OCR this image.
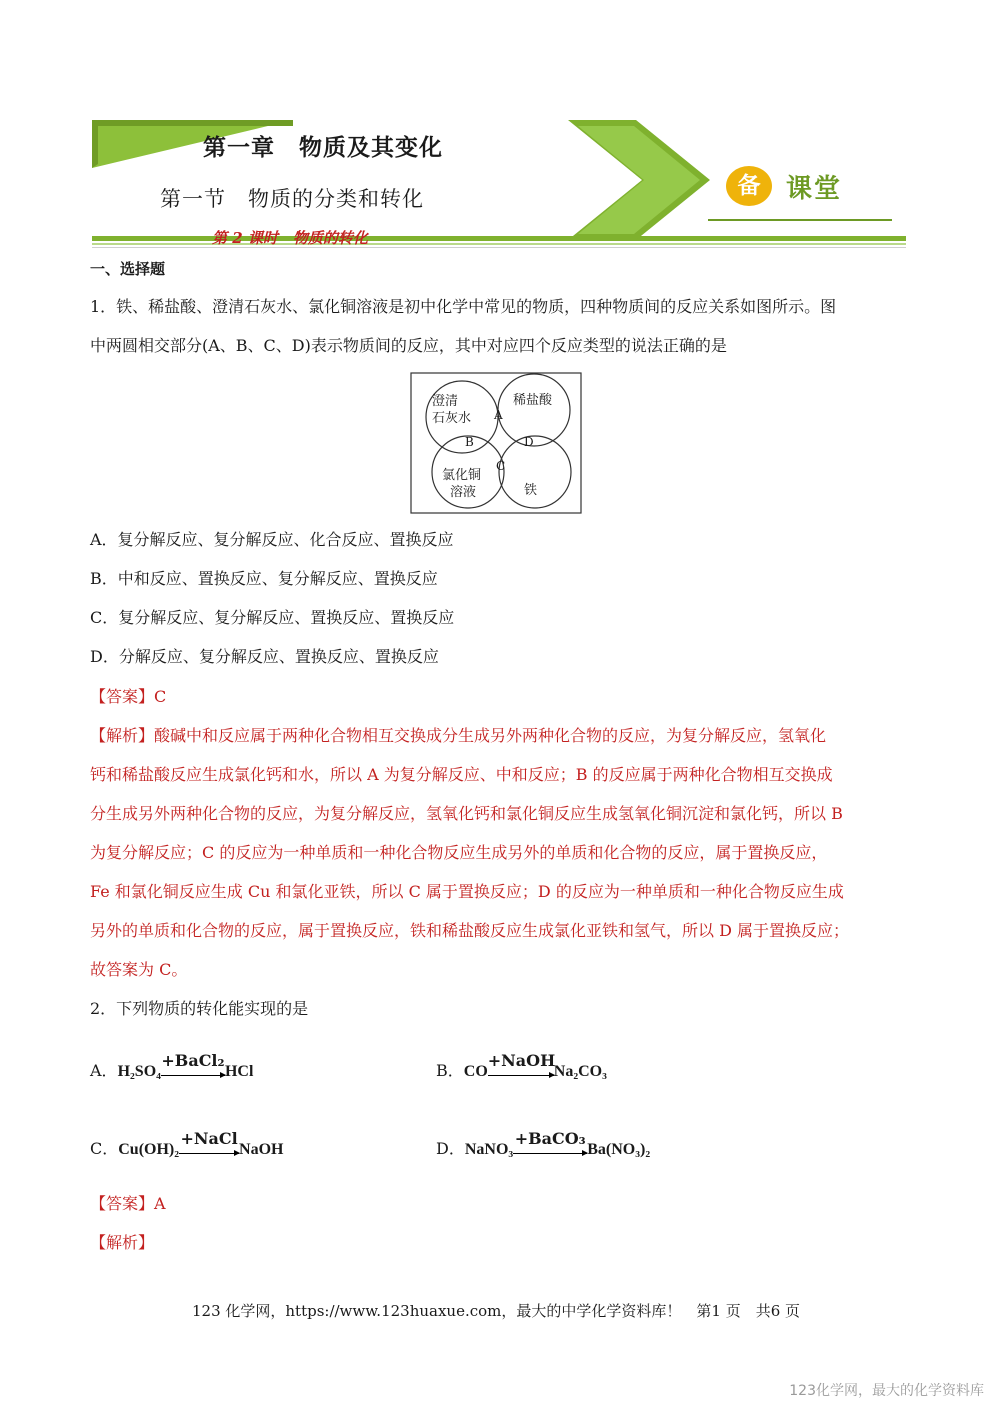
第一章　物质及其变化
第一节　物质的分类和转化
第 2 课时　物质的转化
备 课堂
一、选择题
1．铁、稀盐酸、澄清石灰水、氯化铜溶液是初中化学中常见的物质，四种物质间的反应关系如图所示。图
中两圆相交部分(A、B、C、D)表示物质间的反应，其中对应四个反应类型的说法正确的是
澄清
石灰水
稀盐酸
氯化铜
溶液	铁
A
B
C
D
A．复分解反应、复分解反应、化合反应、置换反应
B．中和反应、置换反应、复分解反应、置换反应
C．复分解反应、复分解反应、置换反应、置换反应
D．分解反应、复分解反应、置换反应、置换反应
【答案】C
【解析】酸碱中和反应属于两种化合物相互交换成分生成另外两种化合物的反应，为复分解反应，氢氧化
钙和稀盐酸反应生成氯化钙和水，所以 A 为复分解反应、中和反应；B 的反应属于两种化合物相互交换成
分生成另外两种化合物的反应，为复分解反应，氢氧化钙和氯化铜反应生成氢氧化铜沉淀和氯化钙，所以 B
为复分解反应；C 的反应为一种单质和一种化合物反应生成另外的单质和化合物的反应，属于置换反应，
Fe 和氯化铜反应生成 Cu 和氯化亚铁，所以 C 属于置换反应；D 的反应为一种单质和一种化合物反应生成
另外的单质和化合物的反应，属于置换反应，铁和稀盐酸反应生成氯化亚铁和氢气，所以 D 属于置换反应；
故答案为 C。
2．下列物质的转化能实现的是
A．H₂SO₄
+BaCl₂
HCl	B．CO
+NaOH
Na₂CO₃
C．Cu(OH)₂
+NaCl
NaOH	D．NaNO₃
+BaCO₃
Ba(NO₃)₂
【答案】A
【解析】
123 化学网，https://www.123huaxue.com，最大的中学化学资料库！　第1 页　共6 页
123化学网，最大的化学资料库
